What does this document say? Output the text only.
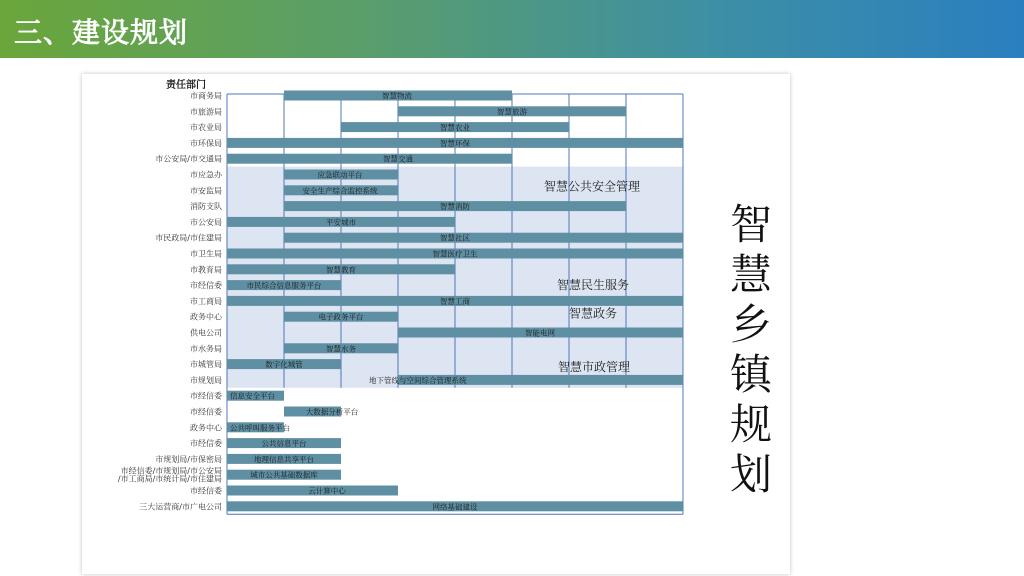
三、建设规划
智慧公共安全管理
智慧民生服务
智慧政务
智慧市政管理
责任部门
市商务局
市旅游局
市农业局
市环保局
市公安局/市交通局
市应急办
市安监局
消防支队
市公安局
市民政局/市住建局
市卫生局
市教育局
市经信委
市工商局
政务中心
供电公司
市水务局
市城管局
市规划局
市经信委
市经信委
政务中心
市经信委
市规划局/市保密局
市经信委/市规划局/市公安局
/市工商局/市统计局/市住建局
市经信委
三大运营商/市广电公司
智慧物流
智慧旅游
智慧农业
智慧环保
智慧交通
应急联动平台
安全生产综合监控系统
智慧消防
平安城市
智慧社区
智慧医疗卫生
智慧教育
市民综合信息服务平台
智慧工商
电子政务平台
智能电网
智慧水务
数字化城管
地下管线与空间综合管理系统
信息安全平台
大数据分析平台
公共呼叫服务平台
公共信息平台
地理信息共享平台
城市公共基础数据库
云计算中心
网络基础建设
智
慧
乡
镇
规
划
